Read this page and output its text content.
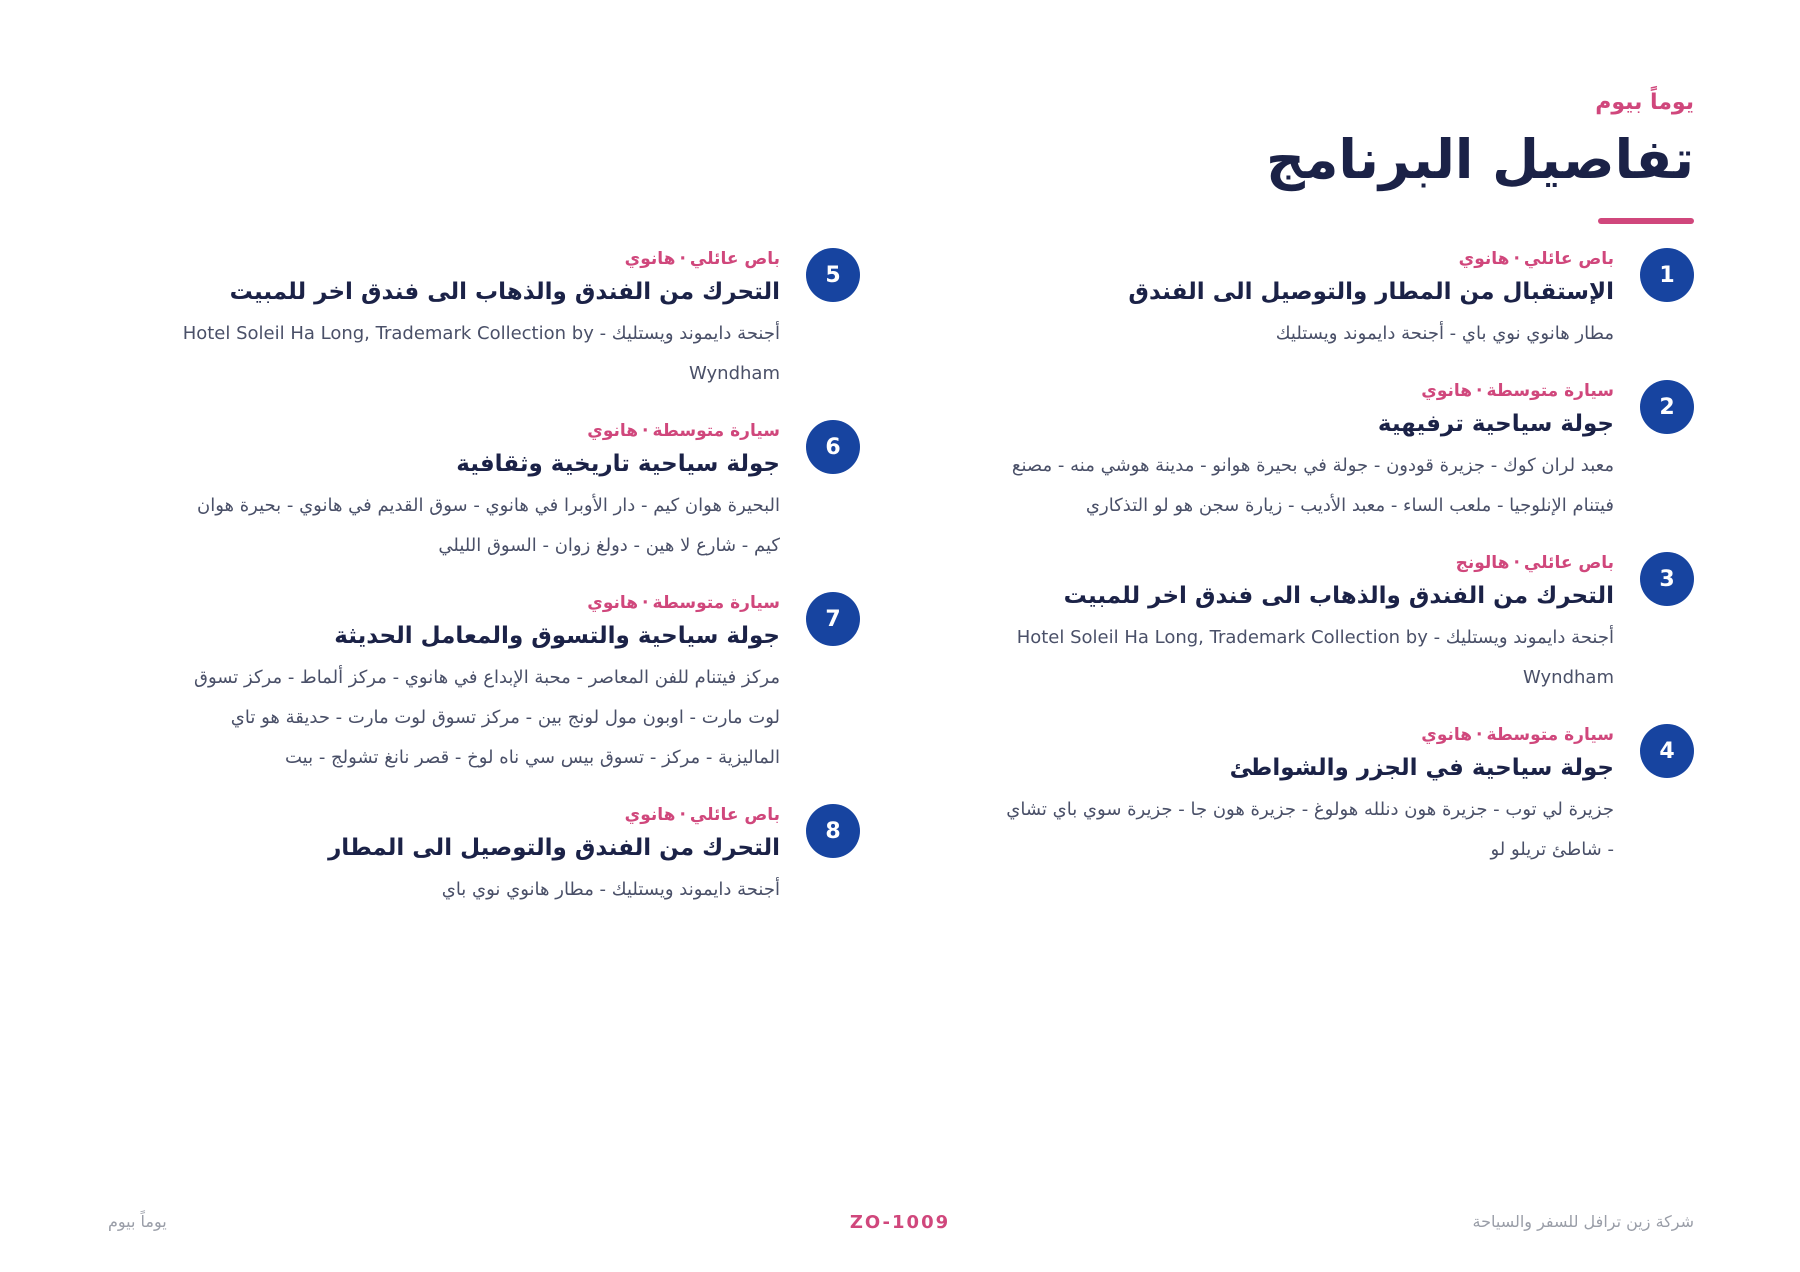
يوماً بيوم
تفاصيل البرنامج
1
باص عائلي·هانوي
الإستقبال من المطار والتوصيل الى الفندق
مطار هانوي نوي باي - أجنحة دايموند ويستليك
2
سيارة متوسطة·هانوي
جولة سياحية ترفيهية
معبد لران كوك - جزيرة قودون - جولة في بحيرة هوانو - مدينة هوشي منه - مصنع فيتنام الإنلوجيا - ملعب الساء - معبد الأديب - زيارة سجن هو لو التذكاري
3
باص عائلي·هالونج
التحرك من الفندق والذهاب الى فندق اخر للمبيت
أجنحة دايموند ويستليك - Hotel Soleil Ha Long, Trademark Collection by Wyndham
4
سيارة متوسطة·هانوي
جولة سياحية في الجزر والشواطئ
جزيرة لي توب - جزيرة هون دنلله هولوغ - جزيرة هون جا - جزيرة سوي باي تشاي - شاطئ تريلو لو
5
باص عائلي·هانوي
التحرك من الفندق والذهاب الى فندق اخر للمبيت
أجنحة دايموند ويستليك - Hotel Soleil Ha Long, Trademark Collection by Wyndham
6
سيارة متوسطة·هانوي
جولة سياحية تاريخية وثقافية
البحيرة هوان كيم - دار الأوبرا في هانوي - سوق القديم في هانوي - بحيرة هوان كيم - شارع لا هين - دولغ زوان - السوق الليلي
7
سيارة متوسطة·هانوي
جولة سياحية والتسوق والمعامل الحديثة
مركز فيتنام للفن المعاصر - محبة الإبداع في هانوي - مركز ألماط - مركز تسوق لوت مارت - اوبون مول لونج بين - مركز تسوق لوت مارت - حديقة هو تاي الماليزية - مركز - تسوق بيس سي ناه لوخ - قصر نانغ تشولج - بيت
8
باص عائلي·هانوي
التحرك من الفندق والتوصيل الى المطار
أجنحة دايموند ويستليك - مطار هانوي نوي باي
شركة زين ترافل للسفر والسياحة
ZO-1009
يوماً بيوم
